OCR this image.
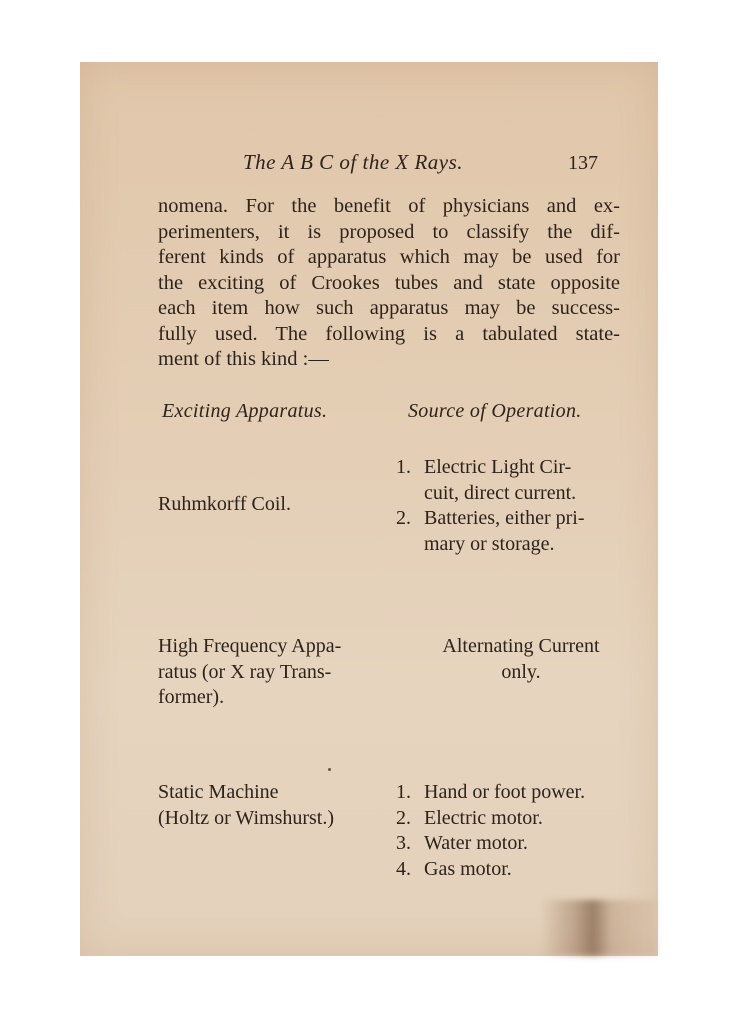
The A B C of the X Rays.	137
nomena. For the benefit of physicians and ex-
perimenters, it is proposed to classify the dif-
ferent kinds of apparatus which may be used for
the exciting of Crookes tubes and state opposite
each item how such apparatus may be success-
fully used. The following is a tabulated state-
ment of this kind :—
Exciting Apparatus.	Source of Operation.
Ruhmkorff Coil.
1. Electric Light Cir-
cuit, direct current.
2. Batteries, either pri-
mary or storage.
High Frequency Appa-
ratus (or X ray Trans-
former).
Alternating Current
only.
Static Machine
(Holtz or Wimshurst.)
1. Hand or foot power.
2. Electric motor.
3. Water motor.
4. Gas motor.
